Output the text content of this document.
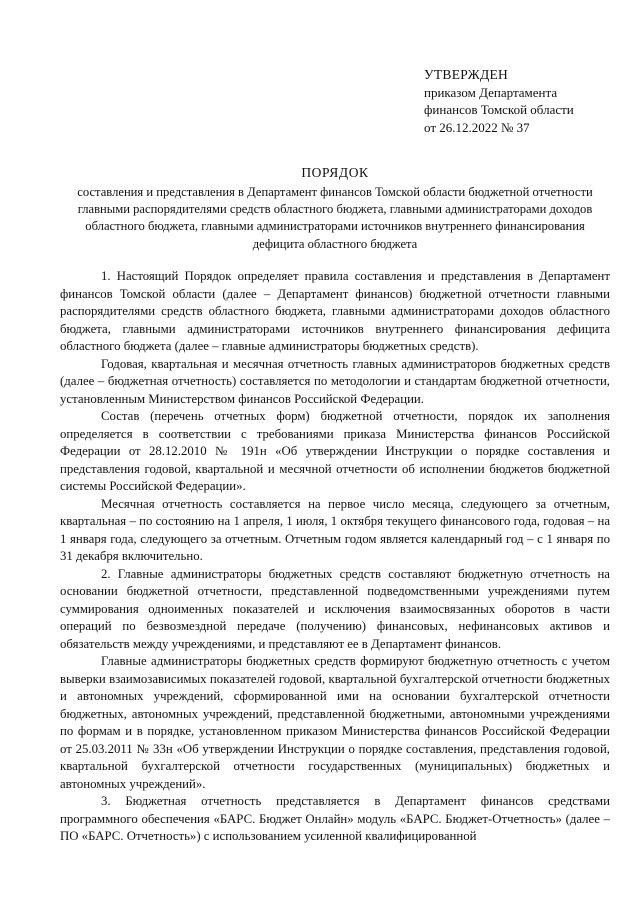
УТВЕРЖДЕН
приказом Департамента
финансов Томской области
от 26.12.2022 № 37
ПОРЯДОК
составления и представления в Департамент финансов Томской области бюджетной отчетности главными распорядителями средств областного бюджета, главными администраторами доходов областного бюджета, главными администраторами источников внутреннего финансирования дефицита областного бюджета

1. Настоящий Порядок определяет правила составления и представления в Департамент финансов Томской области (далее – Департамент финансов) бюджетной отчетности главными распорядителями средств областного бюджета, главными администраторами доходов областного бюджета, главными администраторами источников внутреннего финансирования дефицита областного бюджета (далее – главные администраторы бюджетных средств).

Годовая, квартальная и месячная отчетность главных администраторов бюджетных средств (далее – бюджетная отчетность) составляется по методологии и стандартам бюджетной отчетности, установленным Министерством финансов Российской Федерации.

Состав (перечень отчетных форм) бюджетной отчетности, порядок их заполнения определяется в соответствии с требованиями приказа Министерства финансов Российской Федерации от 28.12.2010 № 191н «Об утверждении Инструкции о порядке составления и представления годовой, квартальной и месячной отчетности об исполнении бюджетов бюджетной системы Российской Федерации».

Месячная отчетность составляется на первое число месяца, следующего за отчетным, квартальная – по состоянию на 1 апреля, 1 июля, 1 октября текущего финансового года, годовая – на 1 января года, следующего за отчетным. Отчетным годом является календарный год – с 1 января по 31 декабря включительно.

2. Главные администраторы бюджетных средств составляют бюджетную отчетность на основании бюджетной отчетности, представленной подведомственными учреждениями путем суммирования одноименных показателей и исключения взаимосвязанных оборотов в части операций по безвозмездной передаче (получению) финансовых, нефинансовых активов и обязательств между учреждениями, и представляют ее в Департамент финансов.

Главные администраторы бюджетных средств формируют бюджетную отчетность с учетом выверки взаимозависимых показателей годовой, квартальной бухгалтерской отчетности бюджетных и автономных учреждений, сформированной ими на основании бухгалтерской отчетности бюджетных, автономных учреждений, представленной бюджетными, автономными учреждениями по формам и в порядке, установленном приказом Министерства финансов Российской Федерации от 25.03.2011 № 33н «Об утверждении Инструкции о порядке составления, представления годовой, квартальной бухгалтерской отчетности государственных (муниципальных) бюджетных и автономных учреждений».

3. Бюджетная отчетность представляется в Департамент финансов средствами программного обеспечения «БАРС. Бюджет Онлайн» модуль «БАРС. Бюджет-Отчетность» (далее – ПО «БАРС. Отчетность») с использованием усиленной квалифицированной
